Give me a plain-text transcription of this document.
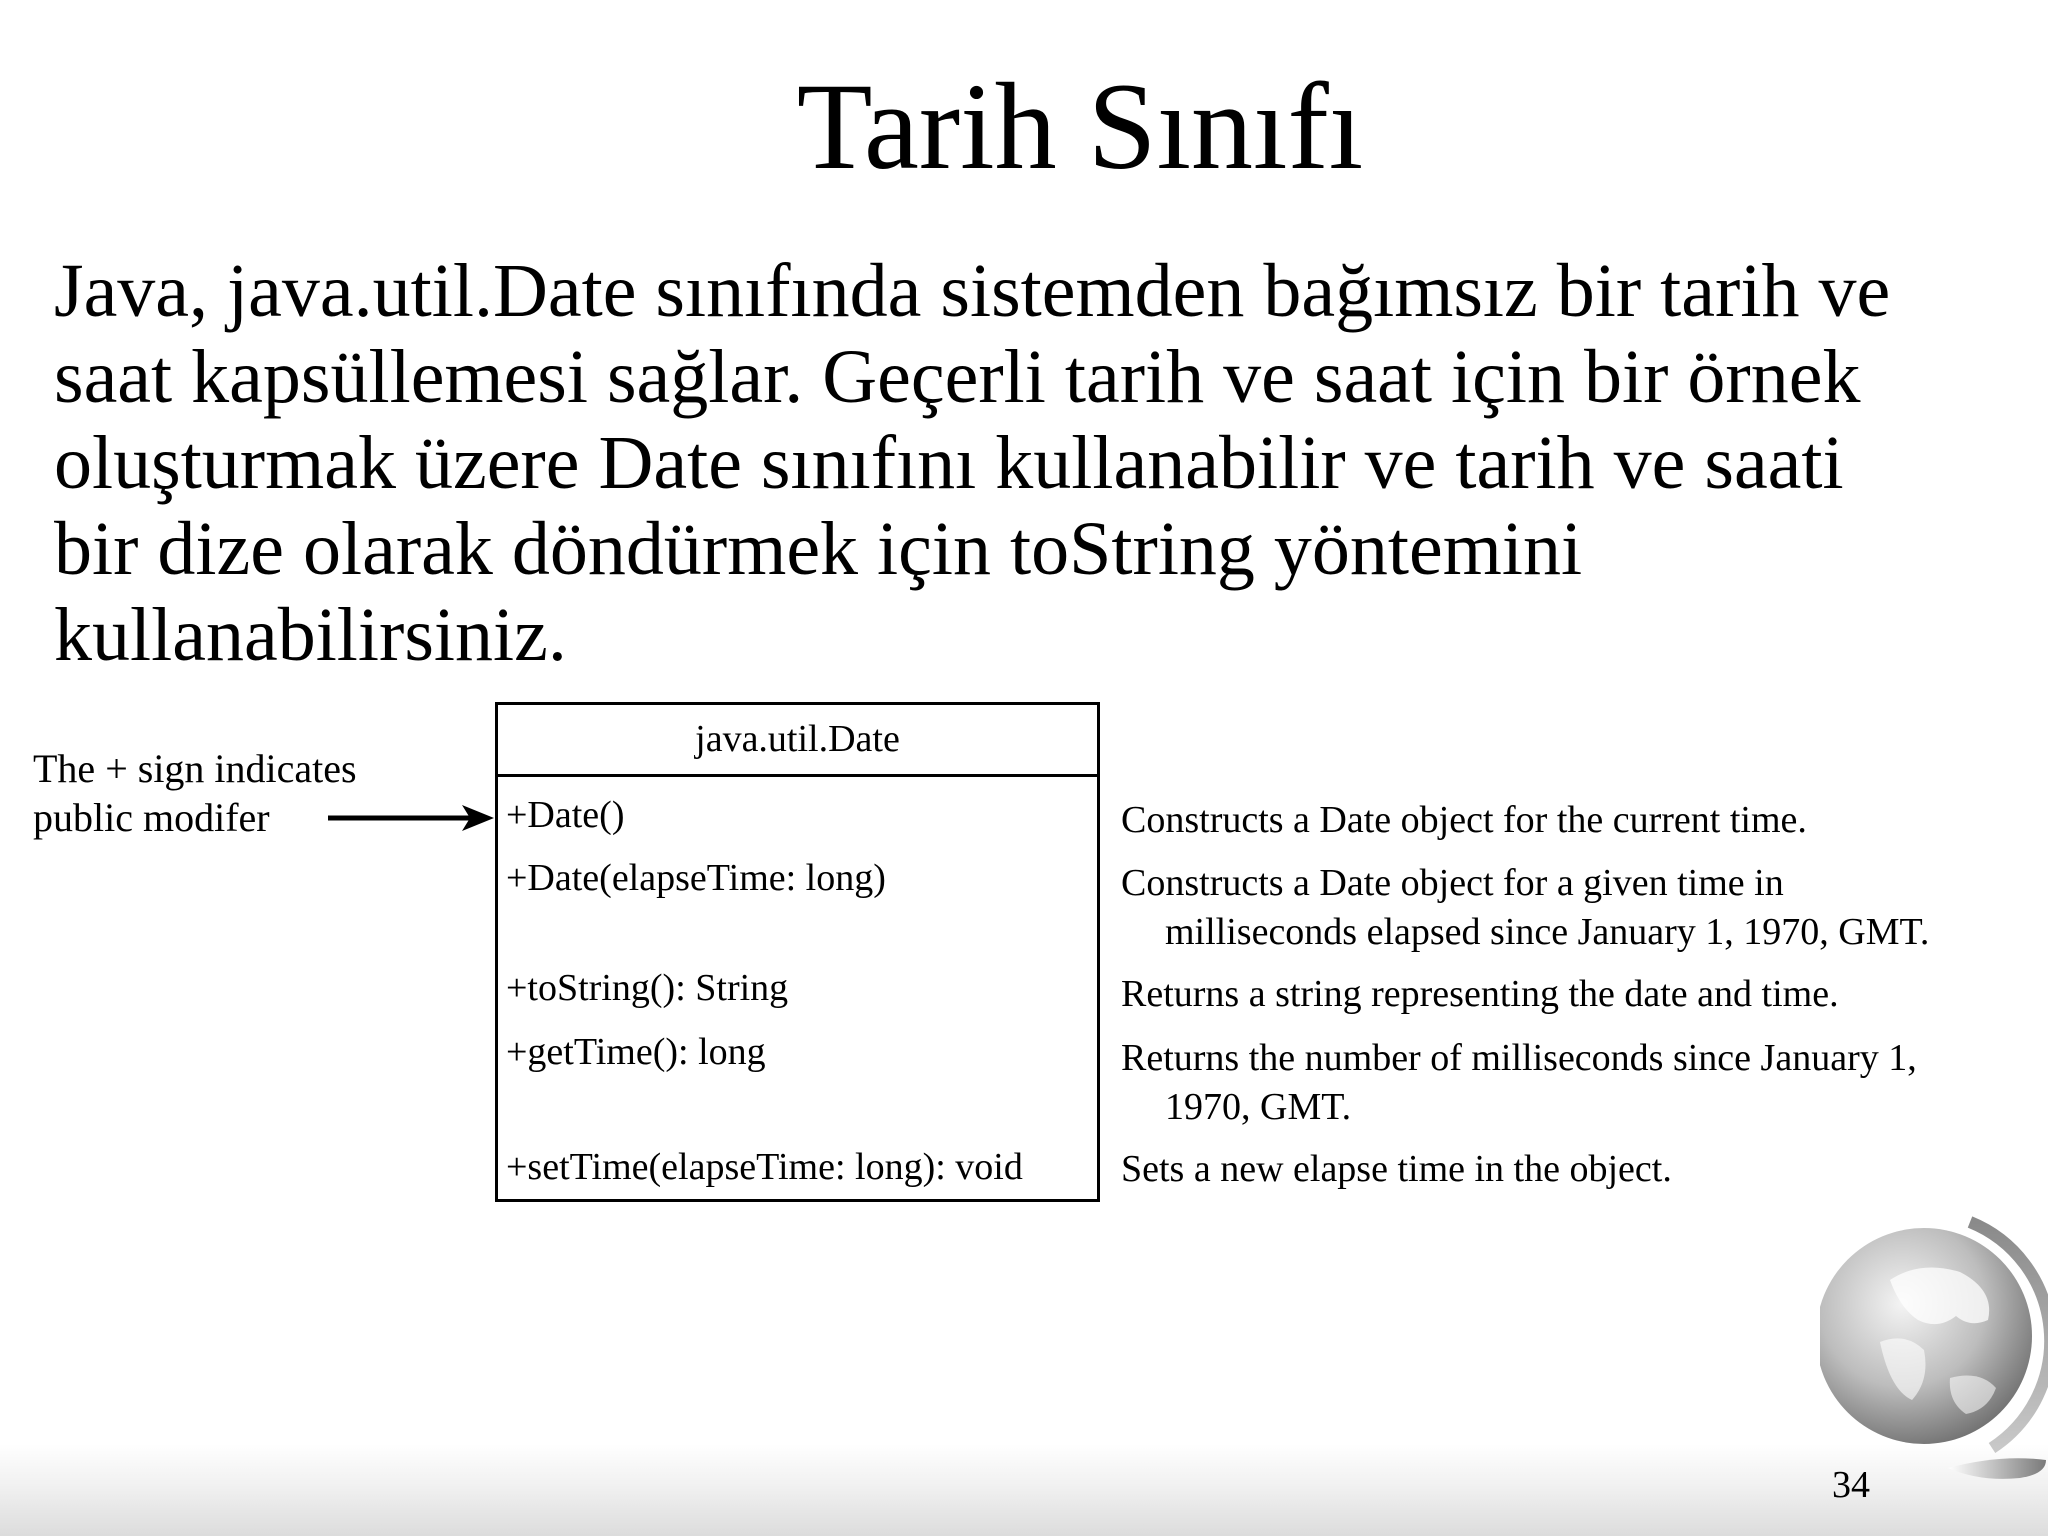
Tarih Sınıfı
Java, java.util.Date sınıfında sistemden bağımsız bir tarih ve
saat kapsüllemesi sağlar. Geçerli tarih ve saat için bir örnek
oluşturmak üzere Date sınıfını kullanabilir ve tarih ve saati
bir dize olarak döndürmek için toString yöntemini
kullanabilirsiniz.
The + sign indicates
public modifer
java.util.Date
+Date()
+Date(elapseTime: long)
+toString(): String
+getTime(): long
+setTime(elapseTime: long): void
Constructs a Date object for the current time.
Constructs a Date object for a given time in
milliseconds elapsed since January 1, 1970, GMT.
Returns a string representing the date and time.
Returns the number of milliseconds since January 1,
1970, GMT.
Sets a new elapse time in the object.
34
